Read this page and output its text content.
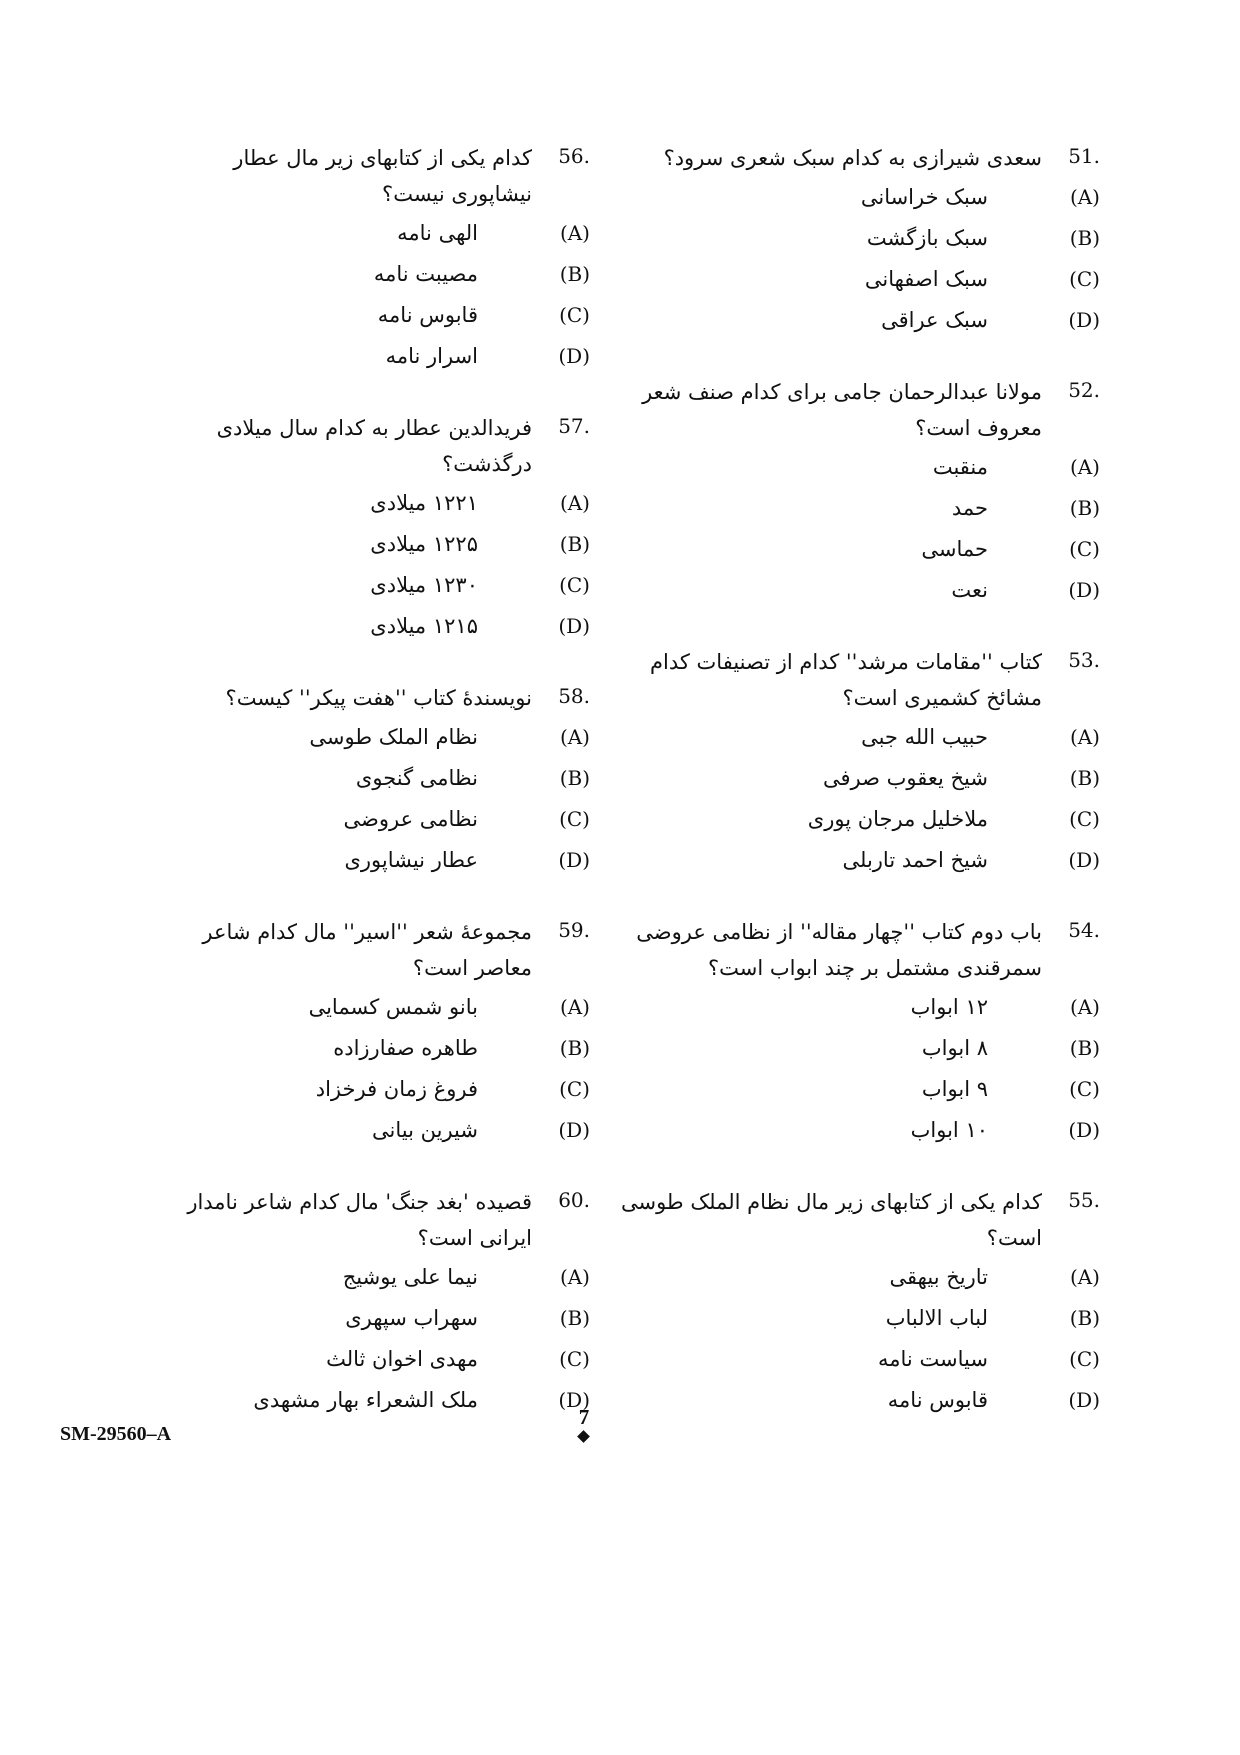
51.
سعدی شیرازی به کدام سبک شعری سرود؟
(A)
سبک خراسانی
(B)
سبک بازگشت
(C)
سبک اصفهانی
(D)
سبک عراقی
52.
مولانا عبدالرحمان جامی برای کدام صنف شعر معروف است؟
(A)
منقبت
(B)
حمد
(C)
حماسی
(D)
نعت
53.
کتاب ''مقامات مرشد'' کدام از تصنیفات کدام مشائخ کشمیری است؟
(A)
حبیب الله جبی
(B)
شیخ یعقوب صرفی
(C)
ملاخلیل مرجان پوری
(D)
شیخ احمد تاربلی
54.
باب دوم کتاب ''چهار مقاله'' از نظامی عروضی سمرقندی مشتمل بر چند ابواب است؟
(A)
۱۲ ابواب
(B)
۸ ابواب
(C)
۹ ابواب
(D)
۱۰ ابواب
55.
کدام یکی از کتابهای زیر مال نظام الملک طوسی است؟
(A)
تاریخ بیهقی
(B)
لباب الالباب
(C)
سیاست نامه
(D)
قابوس نامه
56.
کدام یکی از کتابهای زیر مال عطار نیشاپوری نیست؟
(A)
الهی نامه
(B)
مصیبت نامه
(C)
قابوس نامه
(D)
اسرار نامه
57.
فریدالدین عطار به کدام سال میلادی درگذشت؟
(A)
۱۲۲۱ میلادی
(B)
۱۲۲۵ میلادی
(C)
۱۲۳۰ میلادی
(D)
۱۲۱۵ میلادی
58.
نویسندهٔ کتاب ''هفت پیکر'' کیست؟
(A)
نظام الملک طوسی
(B)
نظامی گنجوی
(C)
نظامی عروضی
(D)
عطار نیشاپوری
59.
مجموعهٔ شعر ''اسیر'' مال کدام شاعر معاصر است؟
(A)
بانو شمس کسمایی
(B)
طاهره صفارزاده
(C)
فروغ زمان فرخزاد
(D)
شیرین بیانی
60.
قصیده 'بغد جنگ' مال کدام شاعر نامدار ایرانی است؟
(A)
نیما علی یوشیج
(B)
سهراب سپهری
(C)
مهدی اخوان ثالث
(D)
ملک الشعراء بهار مشهدی
SM-29560–A
7
